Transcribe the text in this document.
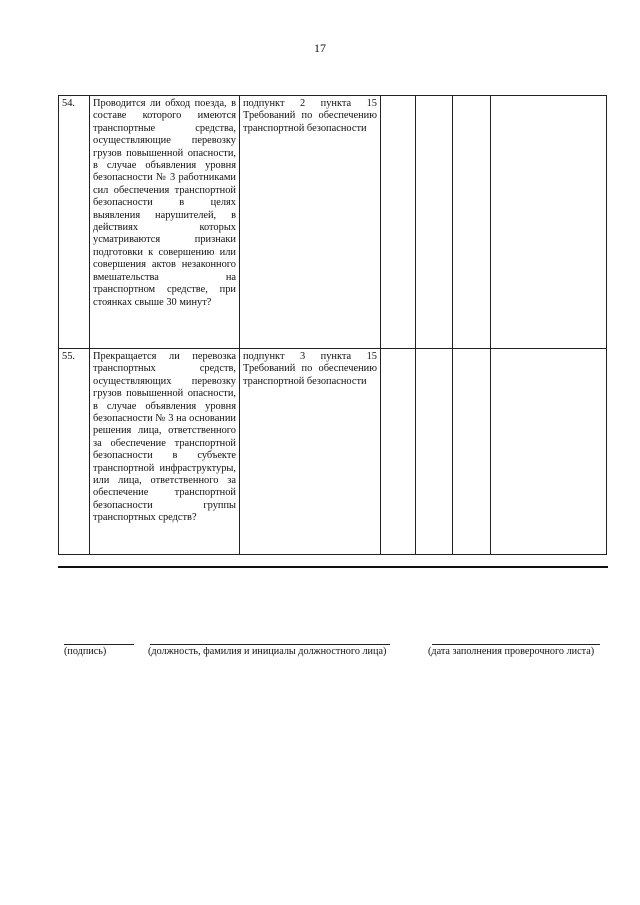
17
54.	Проводится ли обход поезда, в составе которого имеются транспортные средства, осуществляющие перевозку грузов повышенной опасности, в случае объявления уровня безопасности № 3 работниками сил обеспечения транспортной безопасности в целях выявления нарушителей, в действиях которых усматриваются признаки подготовки к совершению или совершения актов незаконного вмешательства на транспортном средстве, при стоянках свыше 30 минут?	подпункт 2 пункта 15 Требований по обеспечению транспортной безопасности				
55.	Прекращается ли перевозка транспортных средств, осуществляющих перевозку грузов повышенной опасности, в случае объявления уровня безопасности № 3 на основании решения лица, ответственного за обеспечение транспортной безопасности в субъекте транспортной инфраструктуры, или лица, ответственного за обеспечение транспортной безопасности группы транспортных средств?	подпункт 3 пункта 15 Требований по обеспечению транспортной безопасности				
(подпись)	(должность, фамилия и инициалы должностного лица)	(дата заполнения проверочного листа)
